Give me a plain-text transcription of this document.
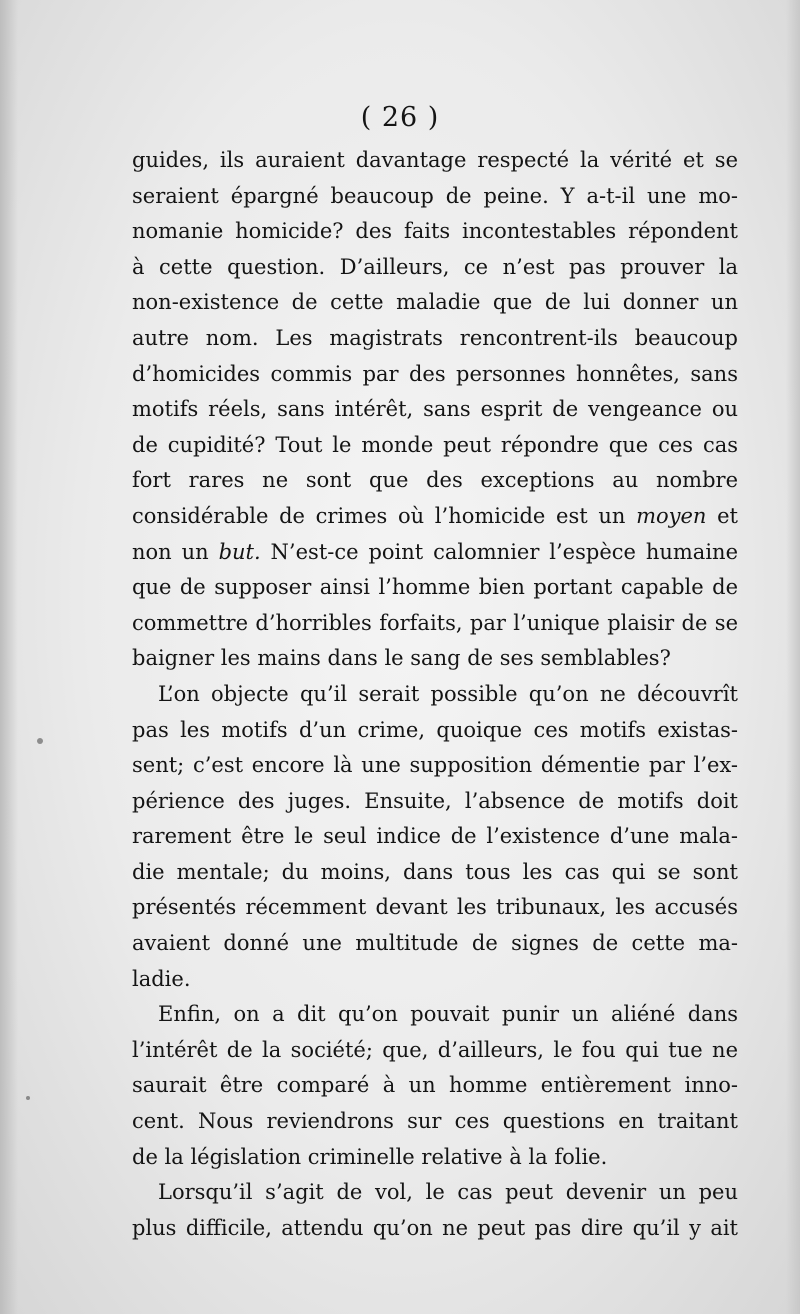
( 26 )
guides, ils auraient davantage respecté la vérité et se
seraient épargné beaucoup de peine. Y a-t-il une mo-
nomanie homicide? des faits incontestables répondent
à cette question. D’ailleurs, ce n’est pas prouver la
non-existence de cette maladie que de lui donner un
autre nom. Les magistrats rencontrent-ils beaucoup
d’homicides commis par des personnes honnêtes, sans
motifs réels, sans intérêt, sans esprit de vengeance ou
de cupidité? Tout le monde peut répondre que ces cas
fort rares ne sont que des exceptions au nombre
considérable de crimes où l’homicide est un moyen et
non un but. N’est-ce point calomnier l’espèce humaine
que de supposer ainsi l’homme bien portant capable de
commettre d’horribles forfaits, par l’unique plaisir de se
baigner les mains dans le sang de ses semblables?
L’on objecte qu’il serait possible qu’on ne découvrît
pas les motifs d’un crime, quoique ces motifs existas-
sent; c’est encore là une supposition démentie par l’ex-
périence des juges. Ensuite, l’absence de motifs doit
rarement être le seul indice de l’existence d’une mala-
die mentale; du moins, dans tous les cas qui se sont
présentés récemment devant les tribunaux, les accusés
avaient donné une multitude de signes de cette ma-
ladie.
Enfin, on a dit qu’on pouvait punir un aliéné dans
l’intérêt de la société; que, d’ailleurs, le fou qui tue ne
saurait être comparé à un homme entièrement inno-
cent. Nous reviendrons sur ces questions en traitant
de la législation criminelle relative à la folie.
Lorsqu’il s’agit de vol, le cas peut devenir un peu
plus difficile, attendu qu’on ne peut pas dire qu’il y ait
